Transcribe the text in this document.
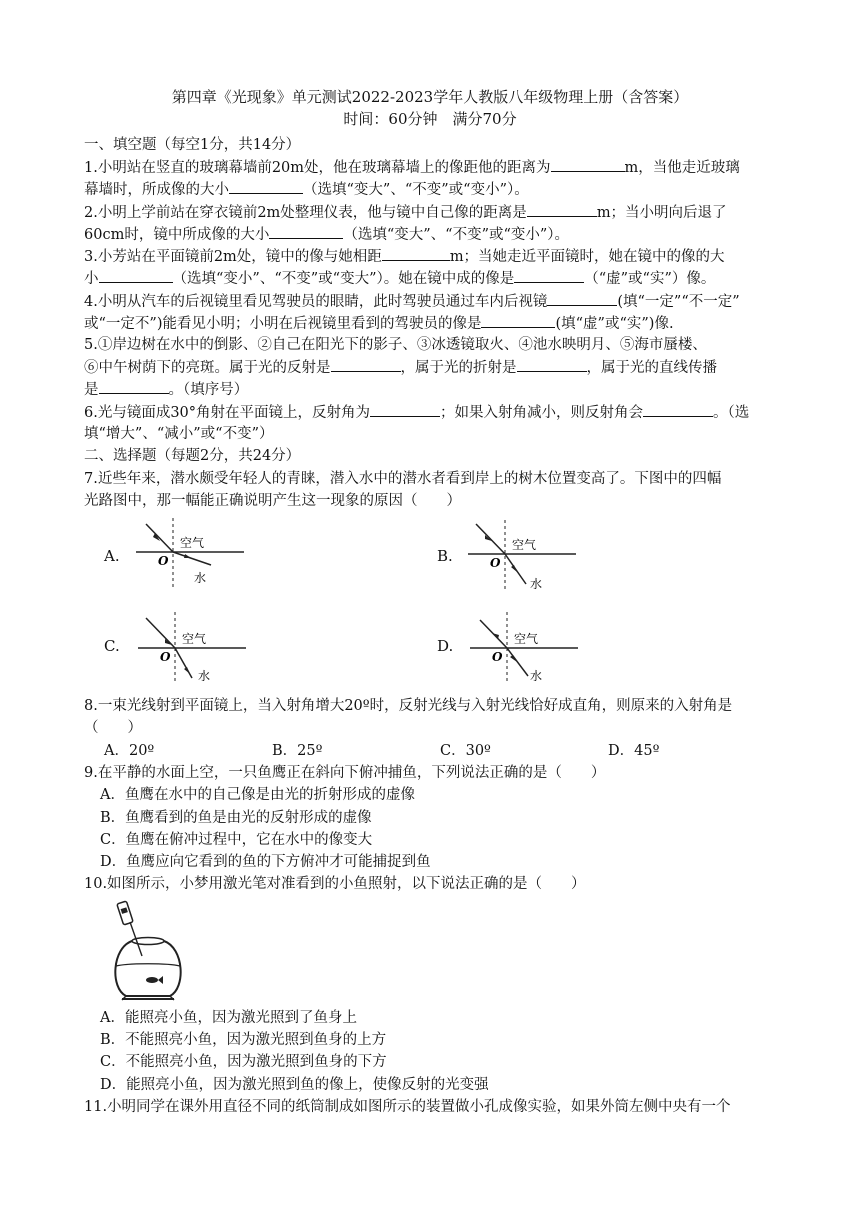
第四章《光现象》单元测试2022-2023学年人教版八年级物理上册（含答案）
时间：60分钟　满分70分
一、填空题（每空1分，共14分）
1.小明站在竖直的玻璃幕墙前20m处，他在玻璃幕墙上的像距他的距离为	m，当他走近玻璃
幕墙时，所成像的大小	（选填“变大”、“不变”或“变小”）。
2.小明上学前站在穿衣镜前2m处整理仪表，他与镜中自己像的距离是	m；当小明向后退了
60cm时，镜中所成像的大小	（选填“变大”、“不变”或“变小”）。
3.小芳站在平面镜前2m处，镜中的像与她相距	m；当她走近平面镜时，她在镜中的像的大
小	（选填“变小”、“不变”或“变大”）。她在镜中成的像是	（“虚”或“实”）像。
4.小明从汽车的后视镜里看见驾驶员的眼睛，此时驾驶员通过车内后视镜	(填“一定”“不一定”
或“一定不”)能看见小明；小明在后视镜里看到的驾驶员的像是	(填“虚”或“实”)像.
5.①岸边树在水中的倒影、②自己在阳光下的影子、③冰透镜取火、④池水映明月、⑤海市蜃楼、
⑥中午树荫下的亮斑。属于光的反射是	，属于光的折射是	，属于光的直线传播
是	。（填序号）
6.光与镜面成30°角射在平面镜上，反射角为	；如果入射角减小，则反射角会	。（选
填“增大”、“减小”或“不变”）
二、选择题（每题2分，共24分）
7.近些年来，潜水颇受年轻人的青睐，潜入水中的潜水者看到岸上的树木位置变高了。下图中的四幅
光路图中，那一幅能正确说明产生这一现象的原因（　　）
A.	B.
C.	D.
空气
O
水
空气
O
水
空气
O
水
空气
O
水
8.一束光线射到平面镜上，当入射角增大20º时，反射光线与入射光线恰好成直角，则原来的入射角是
（　　）
A．20º	B．25º	C．30º	D．45º
9.在平静的水面上空，一只鱼鹰正在斜向下俯冲捕鱼，下列说法正确的是（　　）
A．鱼鹰在水中的自己像是由光的折射形成的虚像
B．鱼鹰看到的鱼是由光的反射形成的虚像
C．鱼鹰在俯冲过程中，它在水中的像变大
D．鱼鹰应向它看到的鱼的下方俯冲才可能捕捉到鱼
10.如图所示，小梦用激光笔对准看到的小鱼照射，以下说法正确的是（　　）
A．能照亮小鱼，因为激光照到了鱼身上
B．不能照亮小鱼，因为激光照到鱼身的上方
C．不能照亮小鱼，因为激光照到鱼身的下方
D．能照亮小鱼，因为激光照到鱼的像上，使像反射的光变强
11.小明同学在课外用直径不同的纸筒制成如图所示的装置做小孔成像实验，如果外筒左侧中央有一个
